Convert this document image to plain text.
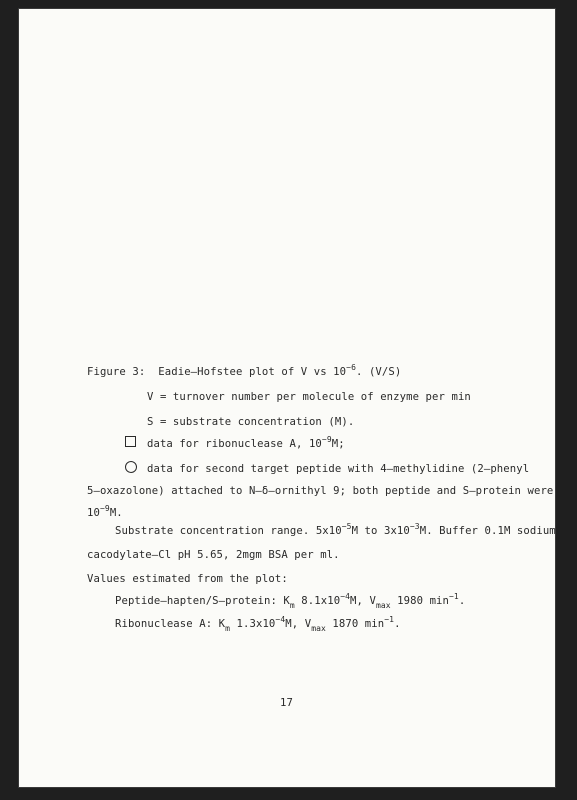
Figure 3: Eadie–Hofstee plot of V vs $10^{-6}$. (V/S)
V = turnover number per molecule of enzyme per min
S = substrate concentration (M).
data for ribonuclease A, $10^{-9}M$;
data for second target peptide with 4–methylidine (2–phenyl
5–oxazolone) attached to N–δ–ornithyl 9; both peptide and S–protein were
$10^{-9}M$.
Substrate concentration range. $5x10^{-5}M$ to $3x10^{-3}M$. Buffer 0.1M sodium
cacodylate–Cl pH 5.65, 2mgm BSA per ml.
Values estimated from the plot:
Peptide–hapten/S–protein: $K_m$ $8.1x10^{-4}M$, $V_{max}$ 1980 $\min^{-1}$.
Ribonuclease A: $K_m$ $1.3x10^{-4}M$, $V_{max}$ 1870 $\min^{-1}$.
17
